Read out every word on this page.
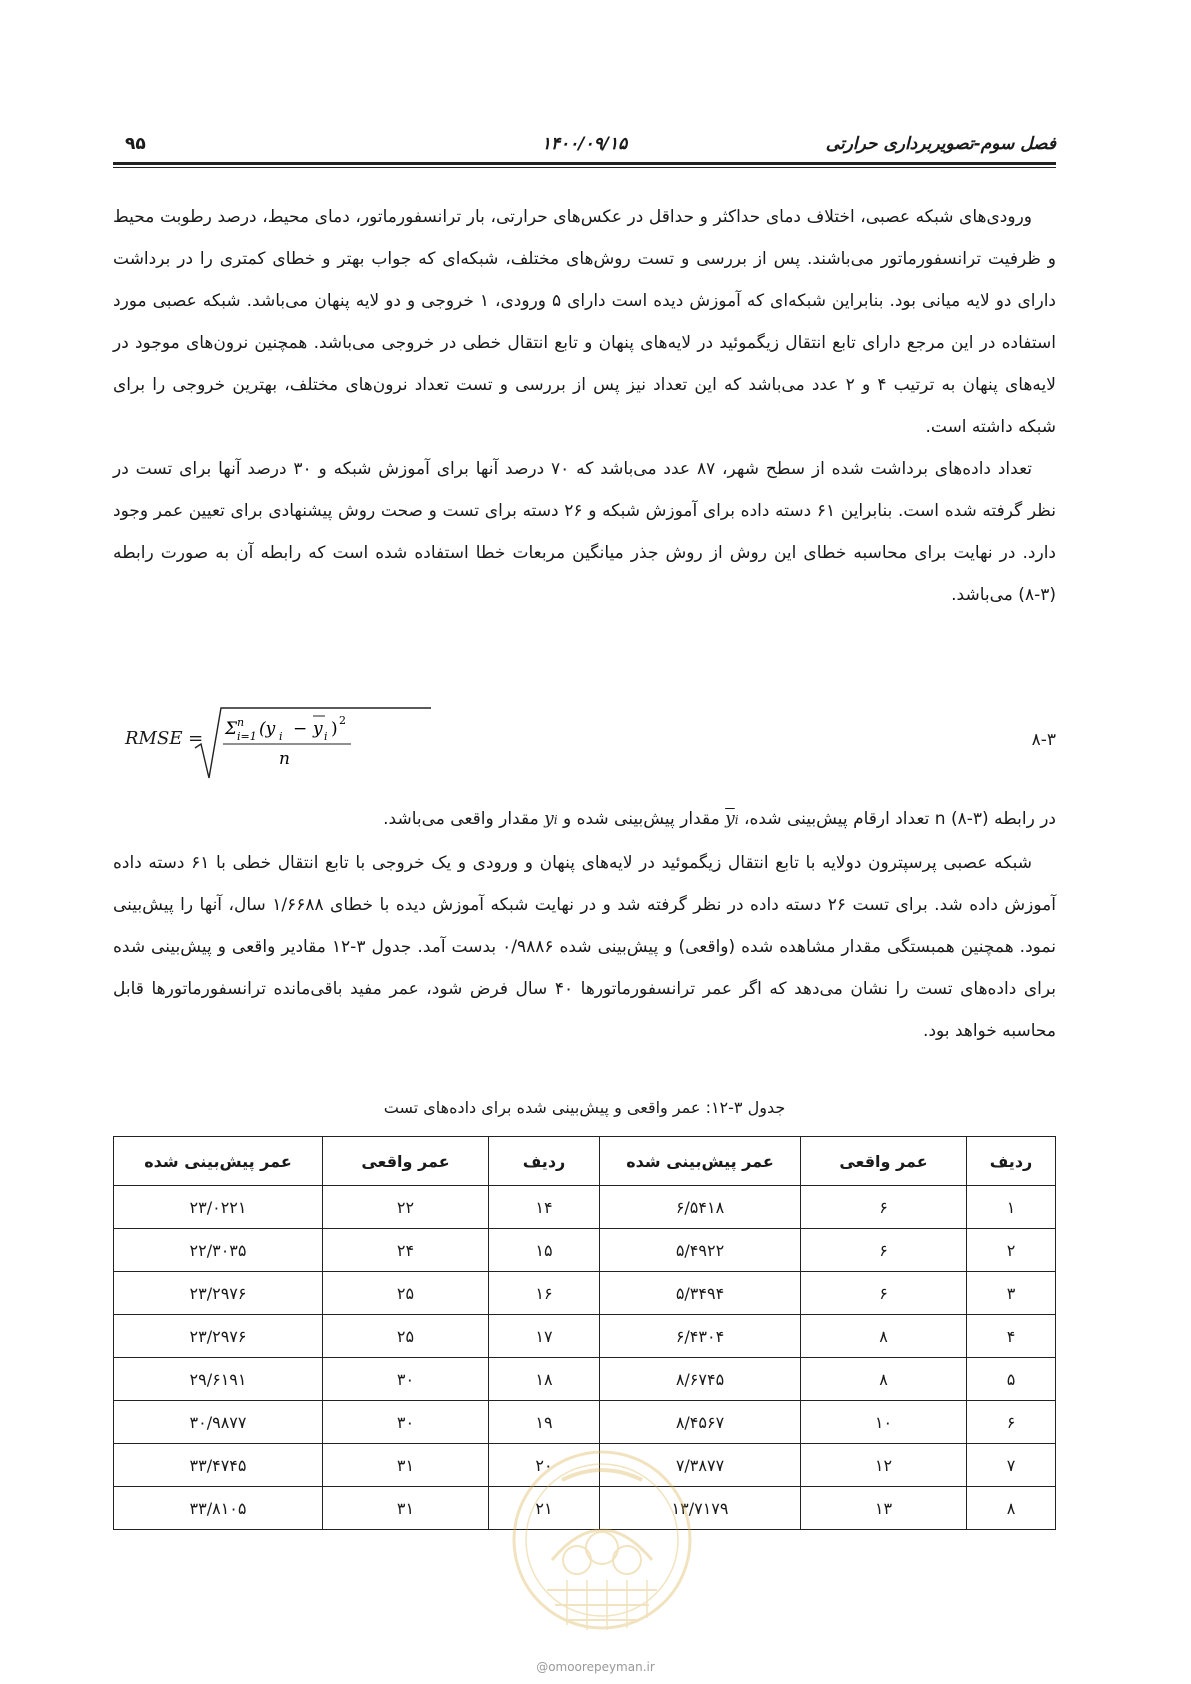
۹۵	۱۴۰۰/۰۹/۱۵	فصل سوم-تصویربرداری حرارتی

ورودی‌های شبکه عصبی، اختلاف دمای حداکثر و حداقل در عکس‌های حرارتی، بار ترانسفورماتور، دمای محیط، درصد رطوبت محیط و ظرفیت ترانسفورماتور می‌باشند. پس از بررسی و تست روش‌های مختلف، شبکه‌ای که جواب بهتر و خطای کمتری را در برداشت دارای دو لایه میانی بود. بنابراین شبکه‌ای که آموزش دیده است دارای ۵ ورودی، ۱ خروجی و دو لایه پنهان می‌باشد. شبکه عصبی مورد استفاده در این مرجع دارای تابع انتقال زیگموئید در لایه‌های پنهان و تابع انتقال خطی در خروجی می‌باشد. همچنین نرون‌های موجود در لایه‌های پنهان به ترتیب ۴ و ۲ عدد می‌باشد که این تعداد نیز پس از بررسی و تست تعداد نرون‌های مختلف، بهترین خروجی را برای شبکه داشته است.

تعداد داده‌های برداشت شده از سطح شهر، ۸۷ عدد می‌باشد که ۷۰ درصد آنها برای آموزش شبکه و ۳۰ درصد آنها برای تست در نظر گرفته شده است. بنابراین ۶۱ دسته داده برای آموزش شبکه و ۲۶ دسته برای تست و صحت روش پیشنهادی برای تعیین عمر وجود دارد. در نهایت برای محاسبه خطای این روش از روش جذر میانگین مربعات خطا استفاده شده است که رابطه آن به صورت رابطه (۳-۸) می‌باشد.

RMSE = Σ n
i=1 (y i − y i ) 2
n
۸-۳
در رابطه (۳-۸) n تعداد ارقام پیش‌بینی شده، yi مقدار پیش‌بینی شده و yi مقدار واقعی می‌باشد.

شبکه عصبی پرسپترون دولایه با تابع انتقال زیگموئید در لایه‌های پنهان و ورودی و یک خروجی با تابع انتقال خطی با ۶۱ دسته داده آموزش داده شد. برای تست ۲۶ دسته داده در نظر گرفته شد و در نهایت شبکه آموزش دیده با خطای ۱/۶۶۸۸ سال، آنها را پیش‌بینی نمود. همچنین همبستگی مقدار مشاهده شده (واقعی) و پیش‌بینی شده ۰/۹۸۸۶ بدست آمد. جدول ۳-۱۲ مقادیر واقعی و پیش‌بینی شده برای داده‌های تست را نشان می‌دهد که اگر عمر ترانسفورماتورها ۴۰ سال فرض شود، عمر مفید باقی‌مانده ترانسفورماتورها قابل محاسبه خواهد بود.

جدول ۳-۱۲: عمر واقعی و پیش‌بینی شده برای داده‌های تست
ردیف	عمر واقعی	عمر پیش‌بینی شده	ردیف	عمر واقعی	عمر پیش‌بینی شده
۱	۶	۶/۵۴۱۸	۱۴	۲۲	۲۳/۰۲۲۱
۲	۶	۵/۴۹۲۲	۱۵	۲۴	۲۲/۳۰۳۵
۳	۶	۵/۳۴۹۴	۱۶	۲۵	۲۳/۲۹۷۶
۴	۸	۶/۴۳۰۴	۱۷	۲۵	۲۳/۲۹۷۶
۵	۸	۸/۶۷۴۵	۱۸	۳۰	۲۹/۶۱۹۱
۶	۱۰	۸/۴۵۶۷	۱۹	۳۰	۳۰/۹۸۷۷
۷	۱۲	۷/۳۸۷۷	۲۰	۳۱	۳۳/۴۷۴۵
۸	۱۳	۱۳/۷۱۷۹	۲۱	۳۱	۳۳/۸۱۰۵
@omoorepeyman.ir
